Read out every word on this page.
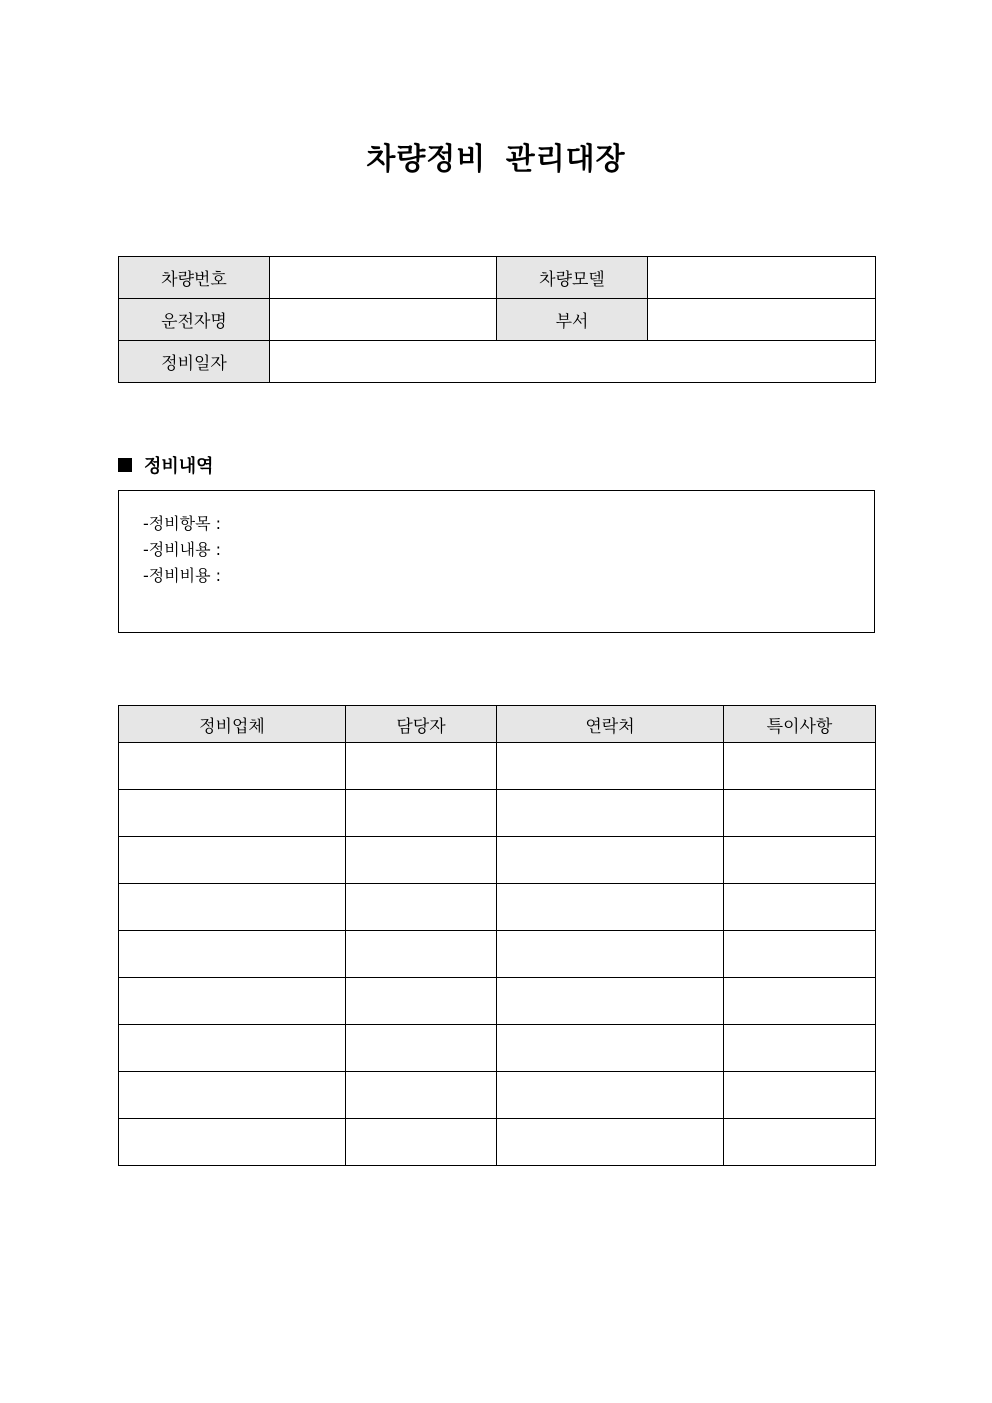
차량정비 관리대장
차량번호		차량모델	
운전자명		부서	
정비일자			
정비내역
-정비항목 :
-정비내용 :
-정비비용 :
정비업체	담당자	연락처	특이사항
